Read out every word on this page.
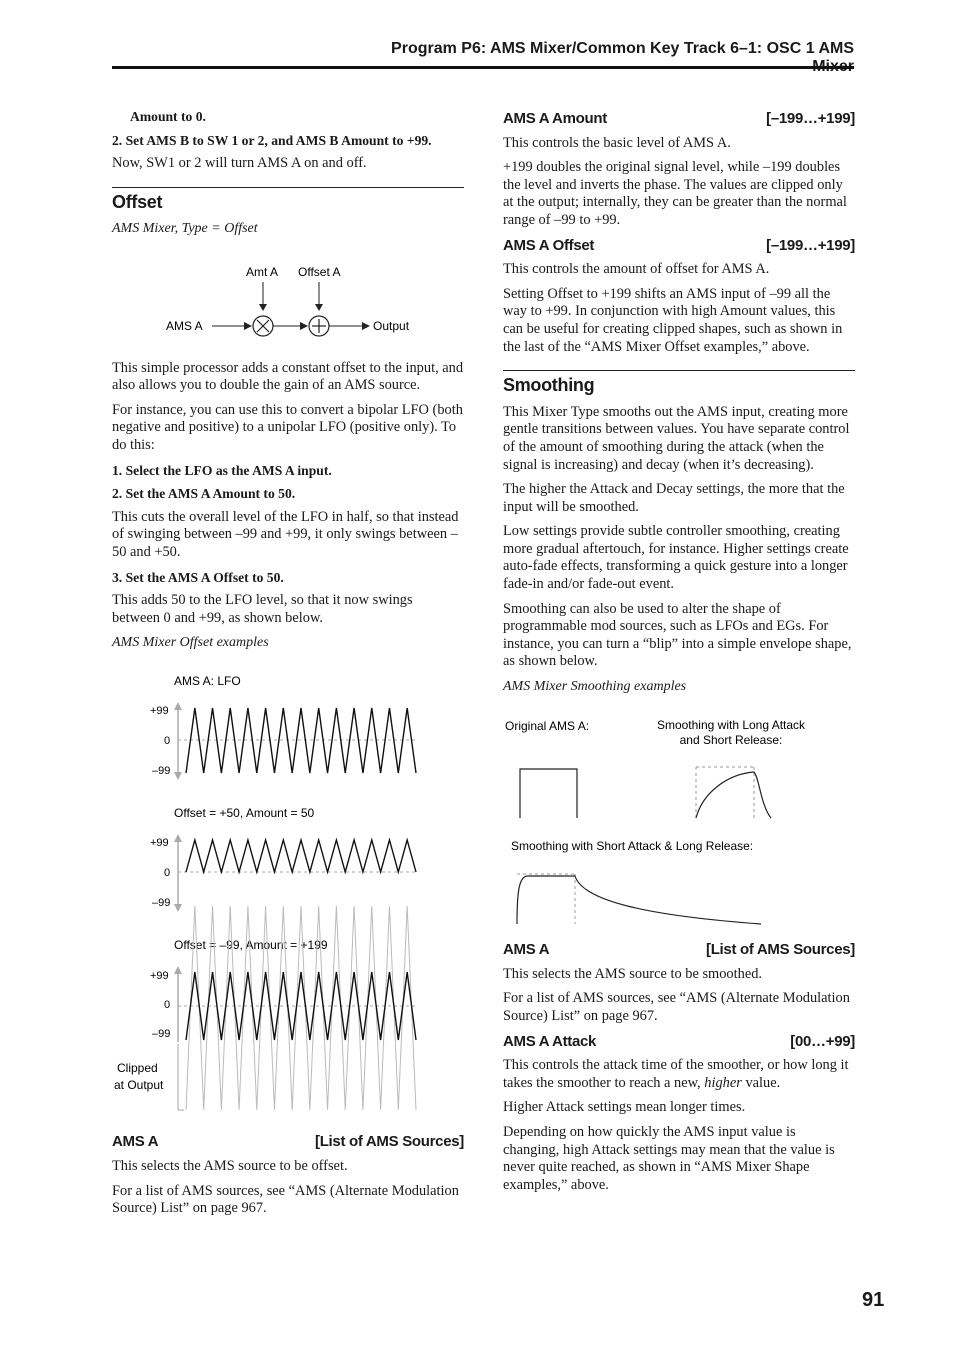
Program P6: AMS Mixer/Common Key Track 6–1: OSC 1 AMS

Amount to 0.

2. Set AMS B to SW 1 or 2, and AMS B Amount to +99.

Now, SW1 or 2 will turn AMS A on and off.

Offset

AMS Mixer, Type = Offset

Amt A Offset A
AMS A	Output

This simple processor adds a constant offset to the input, and also allows you to double the gain of an AMS source.

For instance, you can use this to convert a bipolar LFO (both negative and positive) to a unipolar LFO (positive only). To do this:

1. Select the LFO as the AMS A input.

2. Set the AMS A Amount to 50.

This cuts the overall level of the LFO in half, so that instead of swinging between –99 and +99, it only swings between –50 and +50.

3. Set the AMS A Offset to 50.

This adds 50 to the LFO level, so that it now swings between 0 and +99, as shown below.

AMS Mixer Offset examples

AMS A: LFO
+99
0
–99
Offset = +50, Amount = 50
+99
0
–99
Offset = –99, Amount = +199
+99
0
–99
Clipped
at Output
AMS A	[List of AMS Sources]

This selects the AMS source to be offset.

For a list of AMS sources, see “AMS (Alternate Modulation Source) List” on page 967.

AMS A Amount	[–199…+199]

This controls the basic level of AMS A.

+199 doubles the original signal level, while –199 doubles the level and inverts the phase. The values are clipped only at the output; internally, they can be greater than the normal range of –99 to +99.

AMS A Offset	[–199…+199]

This controls the amount of offset for AMS A.

Setting Offset to +199 shifts an AMS input of –99 all the way to +99. In conjunction with high Amount values, this can be useful for creating clipped shapes, such as shown in the last of the “AMS Mixer Offset examples,” above.

Smoothing

This Mixer Type smooths out the AMS input, creating more gentle transitions between values. You have separate control of the amount of smoothing during the attack (when the signal is increasing) and decay (when it’s decreasing).

The higher the Attack and Decay settings, the more that the input will be smoothed.

Low settings provide subtle controller smoothing, creating more gradual aftertouch, for instance. Higher settings create auto-fade effects, transforming a quick gesture into a longer fade-in and/or fade-out event.

Smoothing can also be used to alter the shape of programmable mod sources, such as LFOs and EGs. For instance, you can turn a “blip” into a simple envelope shape, as shown below.

AMS Mixer Smoothing examples

Original AMS A:	Smoothing with Long Attack
and Short Release:
Smoothing with Short Attack & Long Release:
AMS A	[List of AMS Sources]

This selects the AMS source to be smoothed.

For a list of AMS sources, see “AMS (Alternate Modulation Source) List” on page 967.

AMS A Attack	[00…+99]

This controls the attack time of the smoother, or how long it takes the smoother to reach a new, higher value.

Higher Attack settings mean longer times.

Depending on how quickly the AMS input value is changing, high Attack settings may mean that the value is never quite reached, as shown in “AMS Mixer Shape examples,” above.

91
